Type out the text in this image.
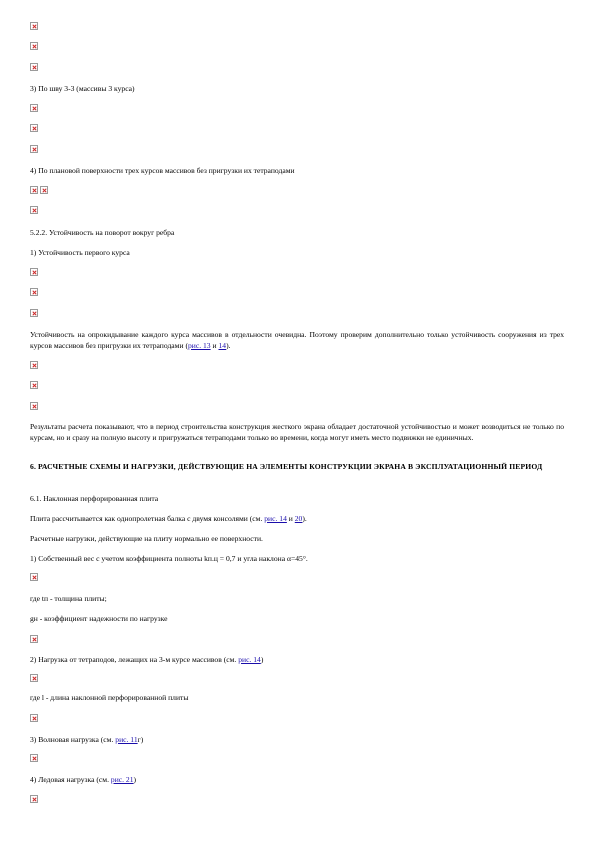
3) По шву 3-3 (массивы 3 курса)
4) По плановой поверхности трех курсов массивов без пригрузки их тетраподами
5.2.2. Устойчивость на поворот вокруг ребра
1) Устойчивость первого курса
Устойчивость на опрокидывание каждого курса массивов в отдельности очевидна. Поэтому проверим дополнительно только устойчивость сооружения из трех курсов массивов без пригрузки их тетраподами (рис. 13 и 14).
Результаты расчета показывают, что в период строительства конструкция жесткого экрана обладает достаточной устойчивостью и может возводиться не только по курсам, но и сразу на полную высоту и пригружаться тетраподами только во времени, когда могут иметь место подвижки не единичных.
6. РАСЧЕТНЫЕ СХЕМЫ И НАГРУЗКИ, ДЕЙСТВУЮЩИЕ НА ЭЛЕМЕНТЫ КОНСТРУКЦИИ ЭКРАНА В ЭКСПЛУАТАЦИОННЫЙ ПЕРИОД
6.1. Наклонная перфорированная плита
Плита рассчитывается как однопролетная балка с двумя консолями (см. рис. 14 и 20).
Расчетные нагрузки, действующие на плиту нормально ее поверхности.
1) Собственный вес с учетом коэффициента полноты kп.ц = 0,7 и угла наклона α=45°.
где tп - толщина плиты;
gн - коэффициент надежности по нагрузке
2) Нагрузка от тетраподов, лежащих на 3-м курсе массивов (см. рис. 14)
где l - длина наклонной перфорированной плиты
3) Волновая нагрузка (см. рис. 11г)
4) Ледовая нагрузка (см. рис. 21)
